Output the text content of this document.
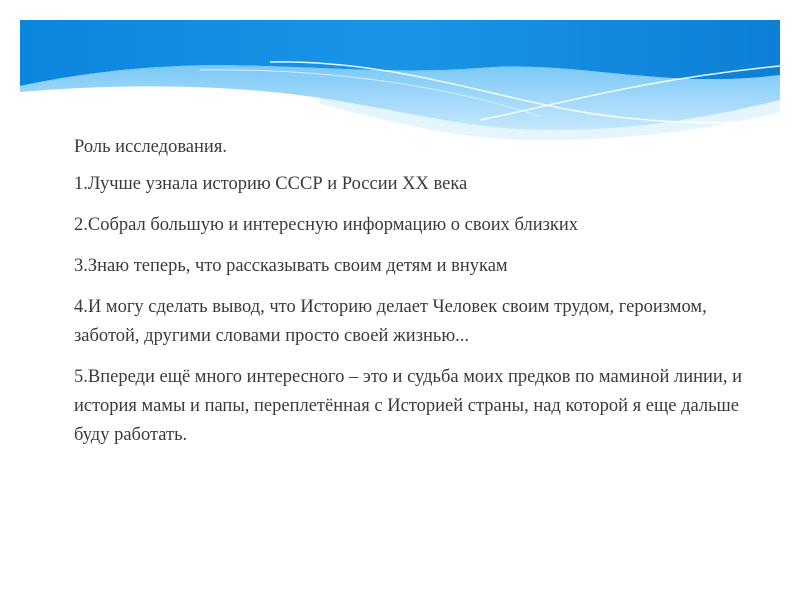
Роль исследования.

1.Лучше узнала историю СССР и России XX века

2.Собрал большую и интересную информацию о своих близких

3.Знаю теперь, что рассказывать своим детям и внукам

4.И могу сделать вывод, что Историю делает Человек своим трудом, героизмом, заботой, другими словами просто своей жизнью...

5.Впереди ещё много интересного – это и судьба моих предков по маминой линии, и история мамы и папы, переплетённая с Историей страны, над которой я еще дальше буду работать.
